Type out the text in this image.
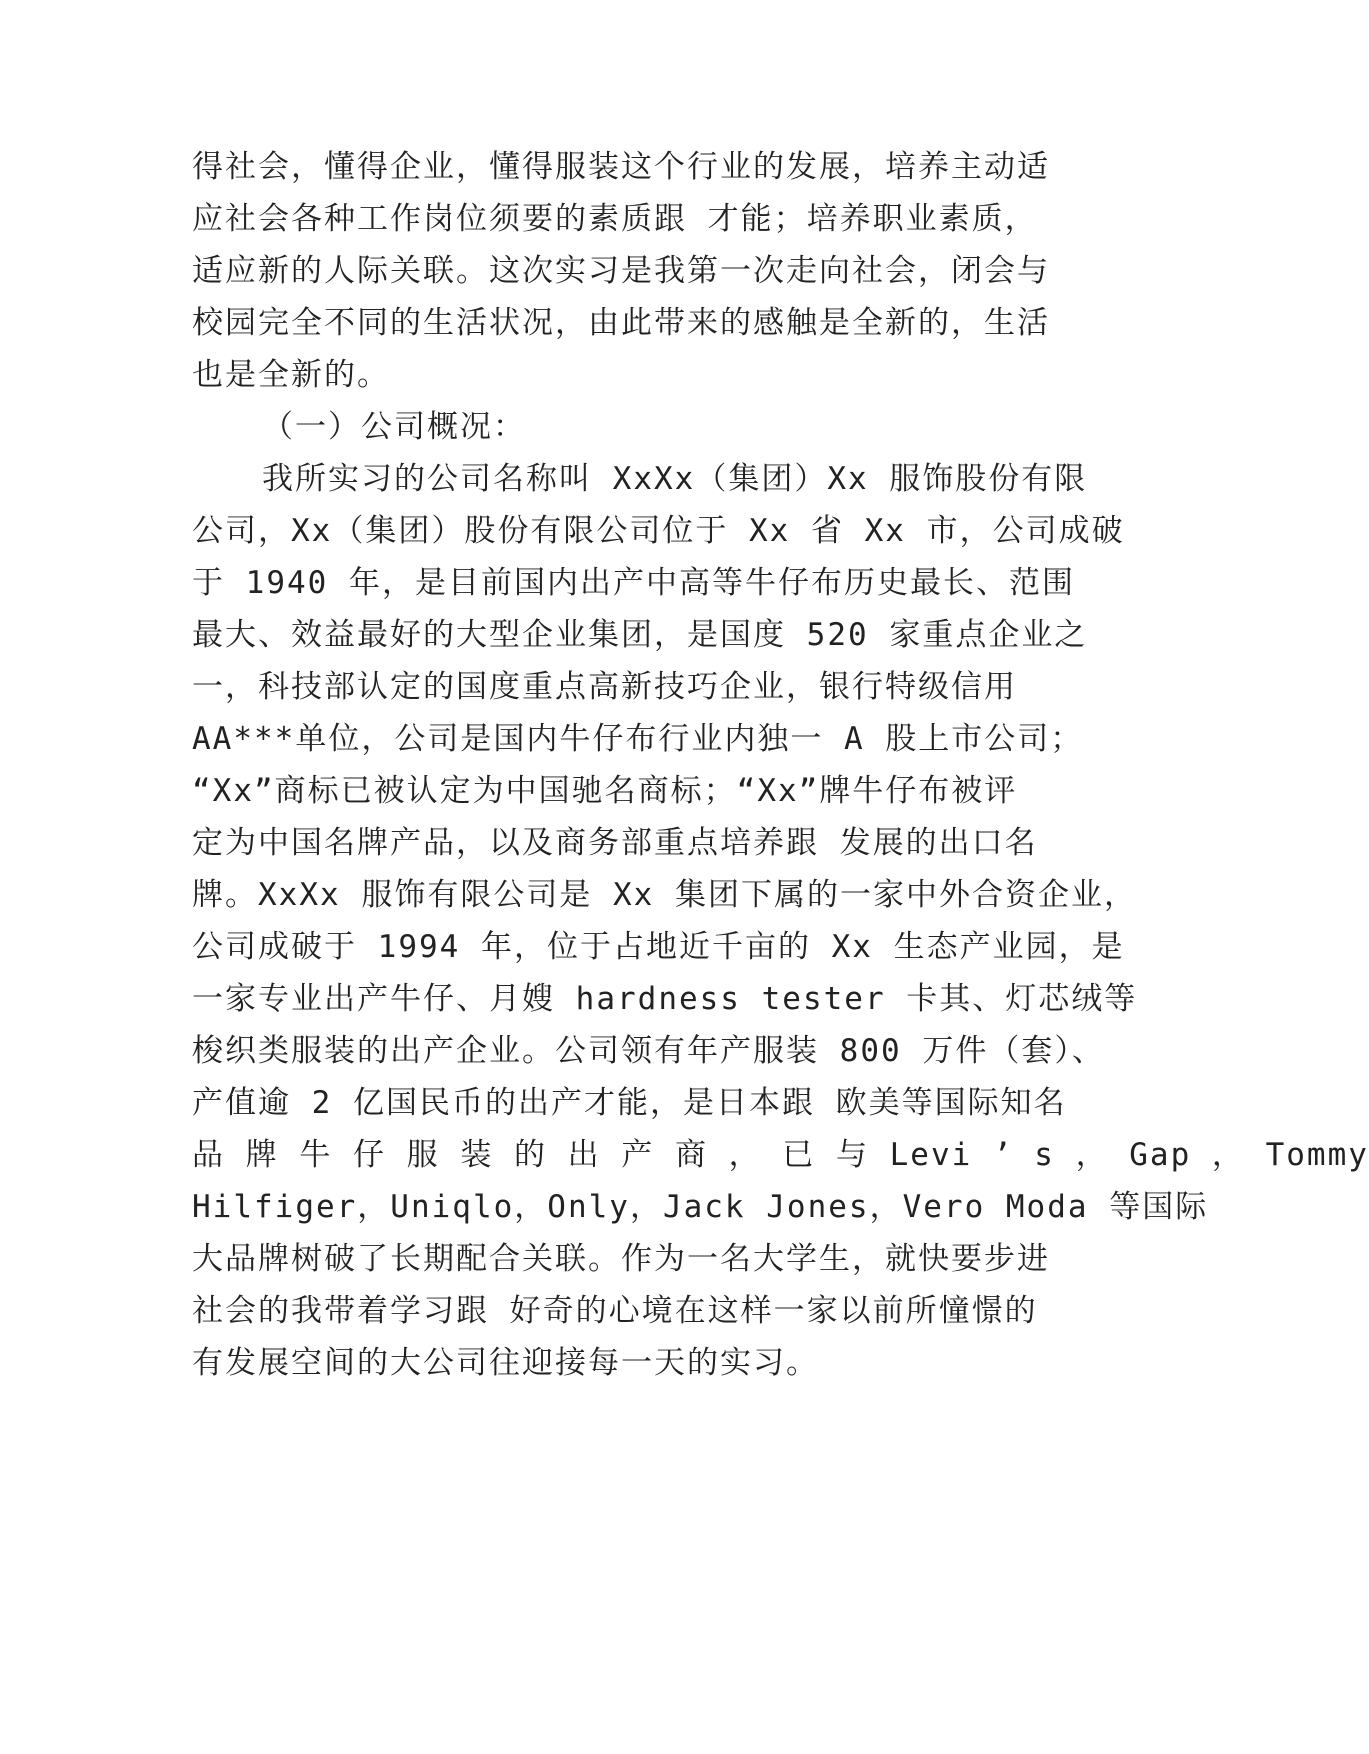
得社会，懂得企业，懂得服装这个行业的发展，培养主动适
应社会各种工作岗位须要的素质跟 才能；培养职业素质，
适应新的人际关联。这次实习是我第一次走向社会，闭会与
校园完全不同的生活状况，由此带来的感触是全新的，生活
也是全新的。
（一）公司概况：
我所实习的公司名称叫 XxXx（集团）Xx 服饰股份有限
公司，Xx（集团）股份有限公司位于 Xx 省 Xx 市，公司成破
于 1940 年，是目前国内出产中高等牛仔布历史最长、范围
最大、效益最好的大型企业集团，是国度 520 家重点企业之
一，科技部认定的国度重点高新技巧企业，银行特级信用
AA***单位，公司是国内牛仔布行业内独一 A 股上市公司；
“Xx”商标已被认定为中国驰名商标；“Xx”牌牛仔布被评
定为中国名牌产品，以及商务部重点培养跟 发展的出口名
牌。XxXx 服饰有限公司是 Xx 集团下属的一家中外合资企业，
公司成破于 1994 年，位于占地近千亩的 Xx 生态产业园，是
一家专业出产牛仔、月嫂 hardness tester 卡其、灯芯绒等
梭织类服装的出产企业。公司领有年产服装 800 万件（套）、
产值逾 2 亿国民币的出产才能，是日本跟 欧美等国际知名
品 牌 牛 仔 服 装 的 出 产 商 ， 已 与 Levi ’ s ， Gap ， Tommy
Hilfiger，Uniqlo，Only，Jack Jones，Vero Moda 等国际
大品牌树破了长期配合关联。作为一名大学生，就快要步进
社会的我带着学习跟 好奇的心境在这样一家以前所憧憬的
有发展空间的大公司往迎接每一天的实习。
